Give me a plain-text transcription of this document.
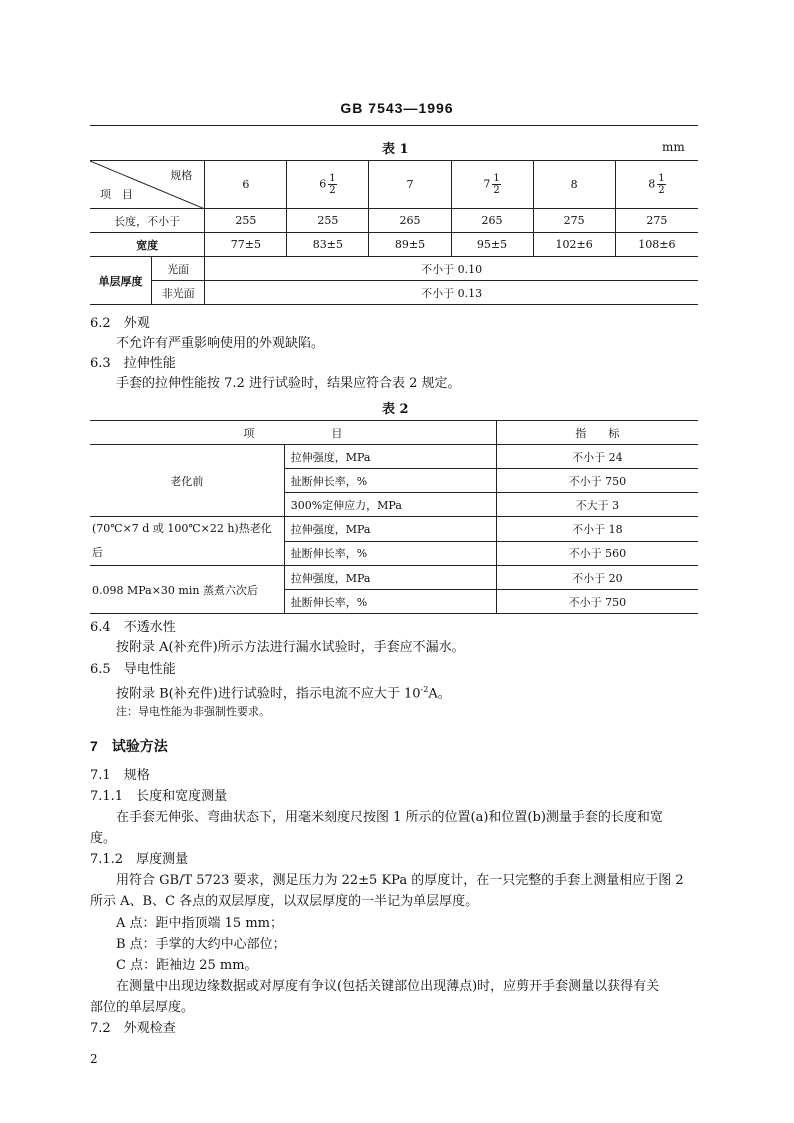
GB 7543—1996
表 1	mm
规格
项　目		6	$6 \frac{1}{2}$	7	$7 \frac{1}{2}$	8	$8 \frac{1}{2}$

长度，不小于		255	255	265	265	275	275
宽度		77±5	83±5	89±5	95±5	102±6	108±6
单层厚度	光面	不小于 0.10					
	非光面	不小于 0.13					
6.2　 外观
不允许有严重影响使用的外观缺陷。
6.3　 拉伸性能
手套的拉伸性能按 7.2 进行试验时，结果应符合表 2 规定。
表 2
项　　　　　　　目		指　　标
老化前	拉伸强度，MPa	不小于 24
	扯断伸长率，%	不小于 750
	300%定伸应力，MPa	不大于 3
(70℃×7 d 或 100℃×22 h)热老化
后	拉伸强度，MPa	不小于 18
	扯断伸长率，%	不小于 560
0.098 MPa×30 min 蒸煮六次后	拉伸强度，MPa	不小于 20
	扯断伸长率，%	不小于 750
6.4　 不透水性
按附录 A(补充件)所示方法进行漏水试验时，手套应不漏水。
6.5　 导电性能
按附录 B(补充件)进行试验时，指示电流不应大于 $10^{-2}A$。
注：导电性能为非强制性要求。
7　 试验方法
7.1　 规格
7.1.1　 长度和宽度测量
在手套无伸张、弯曲状态下，用毫米刻度尺按图 1 所示的位置(a)和位置(b)测量手套的长度和宽
度。
7.1.2　 厚度测量
用符合 GB/T 5723 要求，测足压力为 22±5 KPa 的厚度计，在一只完整的手套上测量相应于图 2
所示 A、B、C 各点的双层厚度，以双层厚度的一半记为单层厚度。
A 点：距中指顶端 15 mm；
B 点：手掌的大约中心部位；
C 点：距袖边 25 mm。
在测量中出现边缘数据或对厚度有争议(包括关键部位出现薄点)时，应剪开手套测量以获得有关
部位的单层厚度。
7.2　 外观检查
2
